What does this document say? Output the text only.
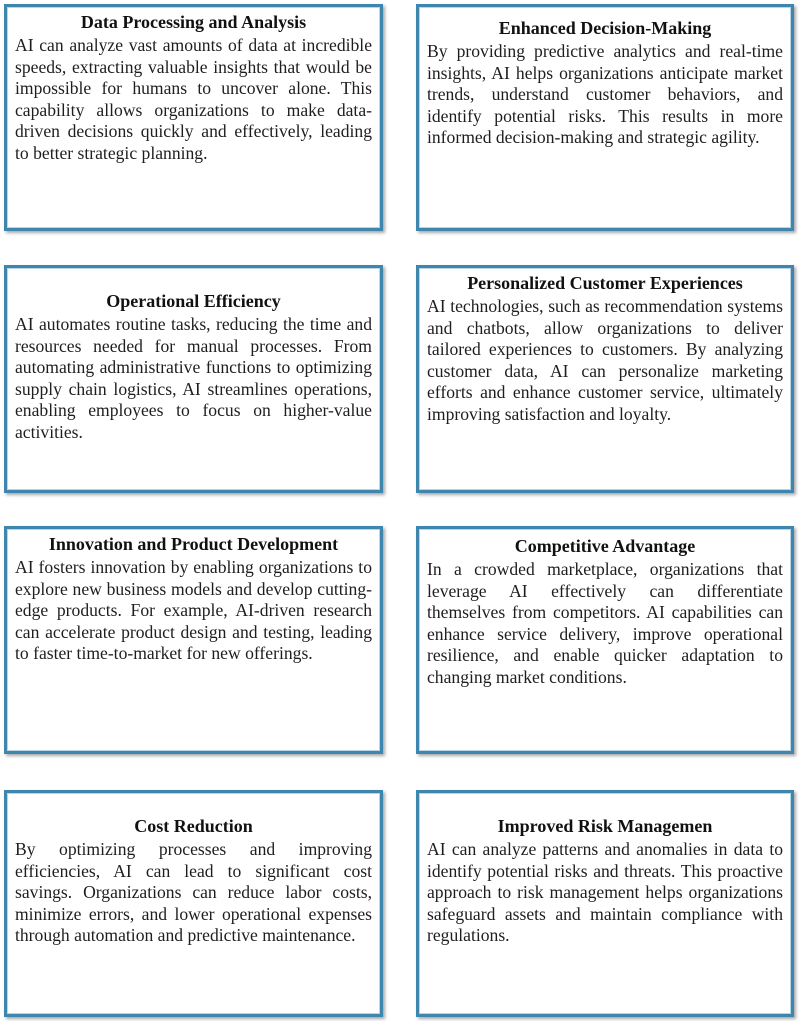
Data Processing and Analysis

AI can analyze vast amounts of data at incredible speeds, extracting valuable insights that would be impossible for humans to uncover alone. This capability allows organizations to make data-driven decisions quickly and effectively, leading to better strategic planning.

Enhanced Decision-Making

By providing predictive analytics and real-time insights, AI helps organizations anticipate market trends, understand customer behaviors, and identify potential risks. This results in more informed decision-making and strategic agility.

Operational Efficiency

AI automates routine tasks, reducing the time and resources needed for manual processes. From automating administrative functions to optimizing supply chain logistics, AI streamlines operations, enabling employees to focus on higher-value activities.

Personalized Customer Experiences

AI technologies, such as recommendation systems and chatbots, allow organizations to deliver tailored experiences to customers. By analyzing customer data, AI can personalize marketing efforts and enhance customer service, ultimately improving satisfaction and loyalty.

Innovation and Product Development

AI fosters innovation by enabling organizations to explore new business models and develop cutting-edge products. For example, AI-driven research can accelerate product design and testing, leading to faster time-to-market for new offerings.

Competitive Advantage

In a crowded marketplace, organizations that leverage AI effectively can differentiate themselves from competitors. AI capabilities can enhance service delivery, improve operational resilience, and enable quicker adaptation to changing market conditions.

Cost Reduction

By optimizing processes and improving efficiencies, AI can lead to significant cost savings. Organizations can reduce labor costs, minimize errors, and lower operational expenses through automation and predictive maintenance.

Improved Risk Managemen

AI can analyze patterns and anomalies in data to identify potential risks and threats. This proactive approach to risk management helps organizations safeguard assets and maintain compliance with regulations.
